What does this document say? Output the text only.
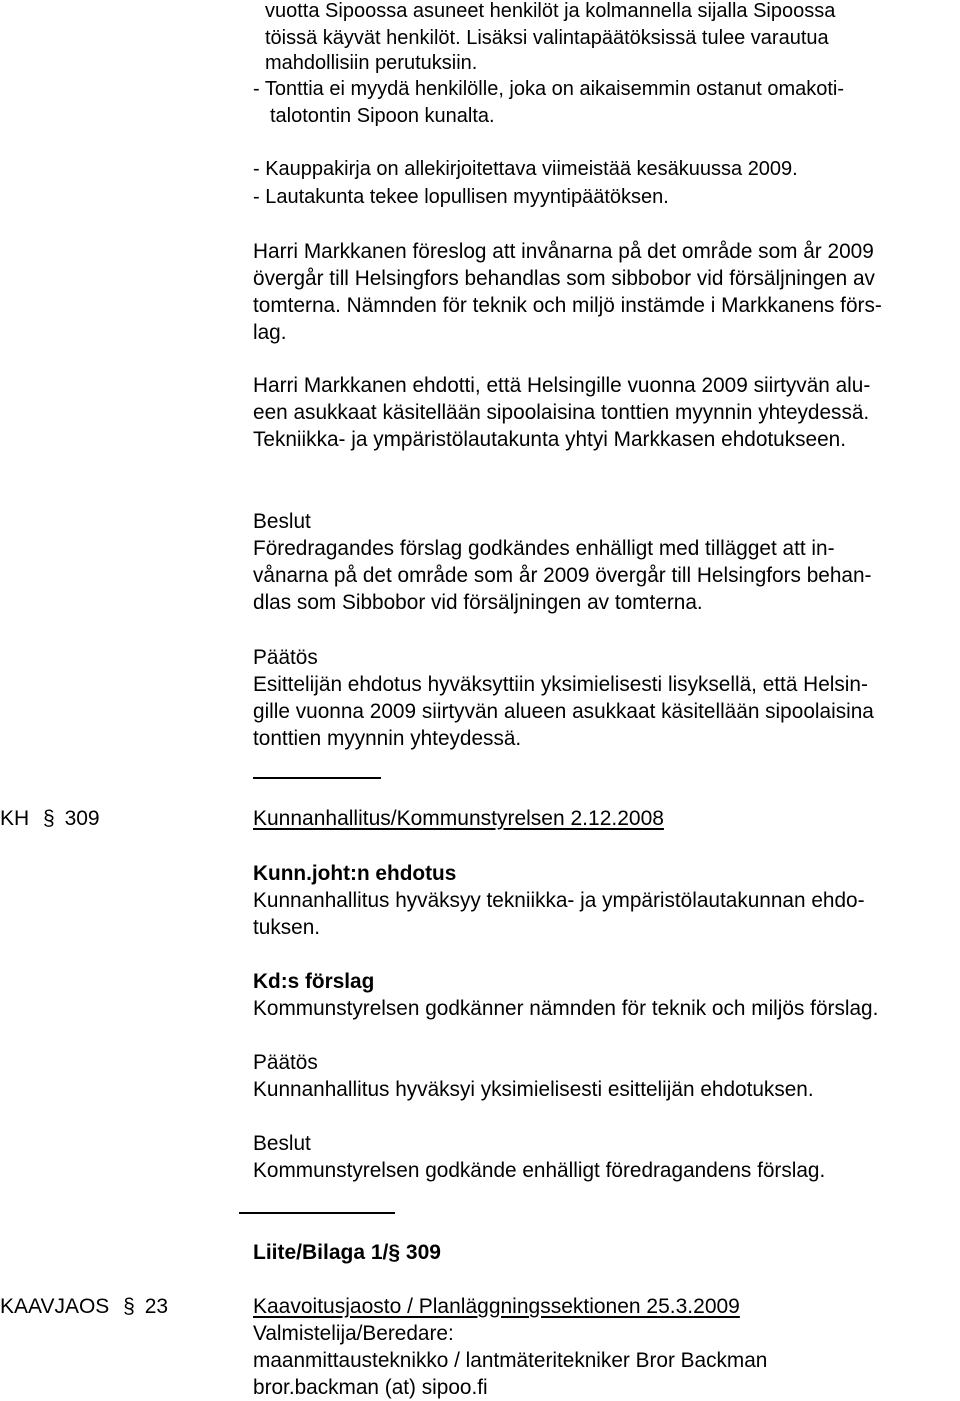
vuotta Sipoossa asuneet henkilöt ja kolmannella sijalla Sipoossa
töissä käyvät henkilöt. Lisäksi valintapäätöksissä tulee varautua
mahdollisiin perutuksiin.
- Tonttia ei myydä henkilölle, joka on aikaisemmin ostanut omakoti-
talotontin Sipoon kunalta.
- Kauppakirja on allekirjoitettava viimeistää kesäkuussa 2009.
- Lautakunta tekee lopullisen myyntipäätöksen.
Harri Markkanen föreslog att invånarna på det område som år 2009
övergår till Helsingfors behandlas som sibbobor vid försäljningen av
tomterna. Nämnden för teknik och miljö instämde i Markkanens förs-
lag.
Harri Markkanen ehdotti, että Helsingille vuonna 2009 siirtyvän alu-
een asukkaat käsitellään sipoolaisina tonttien myynnin yhteydessä.
Tekniikka- ja ympäristölautakunta yhtyi Markkasen ehdotukseen.
Beslut
Föredragandes förslag godkändes enhälligt med tillägget att in-
vånarna på det område som år 2009 övergår till Helsingfors behan-
dlas som Sibbobor vid försäljningen av tomterna.
Päätös
Esittelijän ehdotus hyväksyttiin yksimielisesti lisyksellä, että Helsin-
gille vuonna 2009 siirtyvän alueen asukkaat käsitellään sipoolaisina
tonttien myynnin yhteydessä.
KH § 309	Kunnanhallitus/Kommunstyrelsen 2.12.2008
Kunn.joht:n ehdotus
Kunnanhallitus hyväksyy tekniikka- ja ympäristölautakunnan ehdo-
tuksen.
Kd:s förslag
Kommunstyrelsen godkänner nämnden för teknik och miljös förslag.
Päätös
Kunnanhallitus hyväksyi yksimielisesti esittelijän ehdotuksen.
Beslut
Kommunstyrelsen godkände enhälligt föredragandens förslag.
Liite/Bilaga 1/§ 309
KAAVJAOS § 23	Kaavoitusjaosto / Planläggningssektionen 25.3.2009
Valmistelija/Beredare:
maanmittausteknikko / lantmäteritekniker Bror Backman
bror.backman (at) sipoo.fi
